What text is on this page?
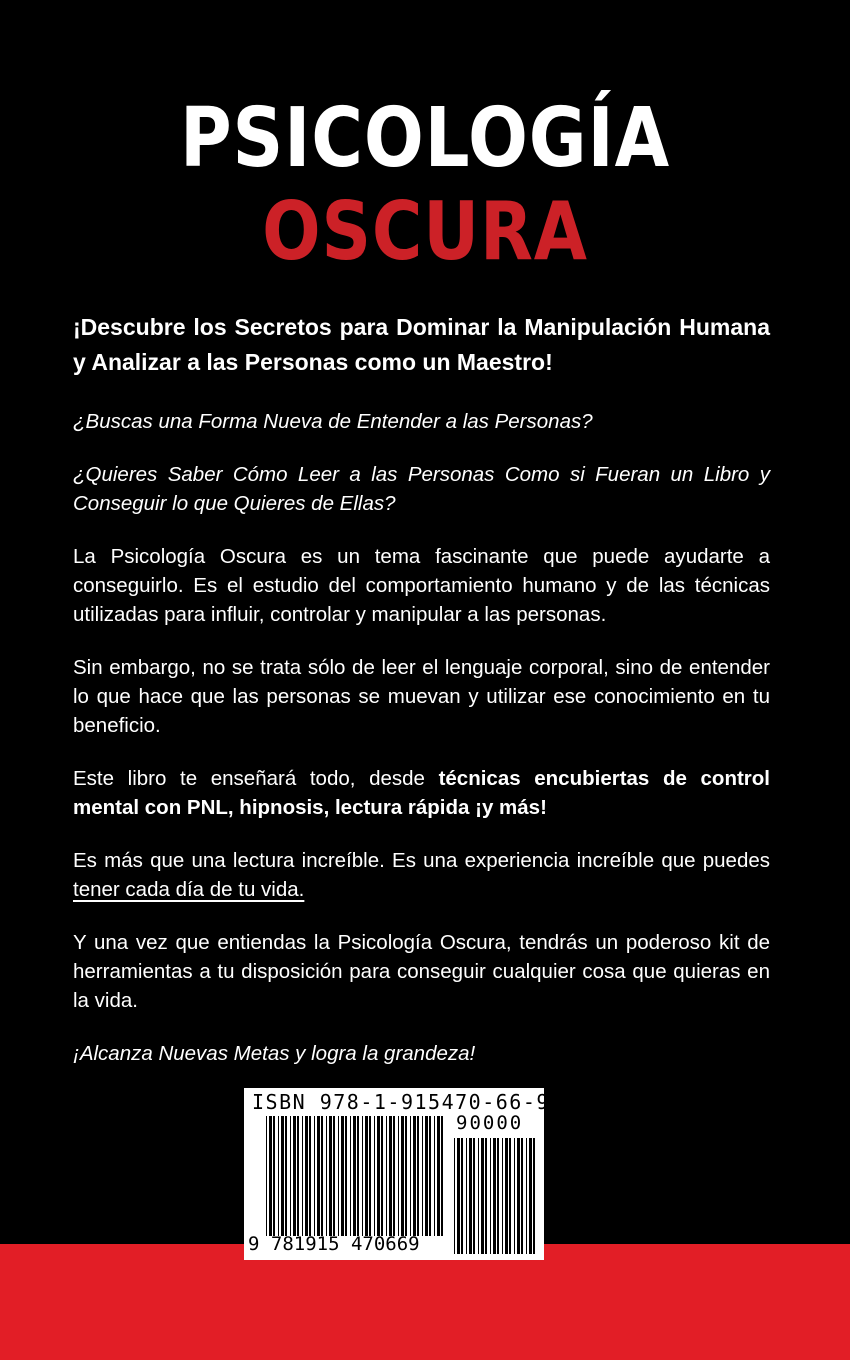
PSICOLOGÍA
OSCURA

¡Descubre los Secretos para Dominar la Manipulación Humana y Analizar a las Personas como un Maestro!

¿Buscas una Forma Nueva de Entender a las Personas?

¿Quieres Saber Cómo Leer a las Personas Como si Fueran un Libro y Conseguir lo que Quieres de Ellas?

La Psicología Oscura es un tema fascinante que puede ayudarte a conseguirlo. Es el estudio del comportamiento humano y de las técnicas utilizadas para influir, controlar y manipular a las personas.

Sin embargo, no se trata sólo de leer el lenguaje corporal, sino de entender lo que hace que las personas se muevan y utilizar ese conocimiento en tu beneficio.

Este libro te enseñará todo, desde técnicas encubiertas de control mental con PNL, hipnosis, lectura rápida ¡y más!

Es más que una lectura increíble. Es una experiencia increíble que puedes tener cada día de tu vida.

Y una vez que entiendas la Psicología Oscura, tendrás un poderoso kit de herramientas a tu disposición para conseguir cualquier cosa que quieras en la vida.

¡Alcanza Nuevas Metas y logra la grandeza!

ISBN 978-1-915470-66-9
90000
9 781915 470669
